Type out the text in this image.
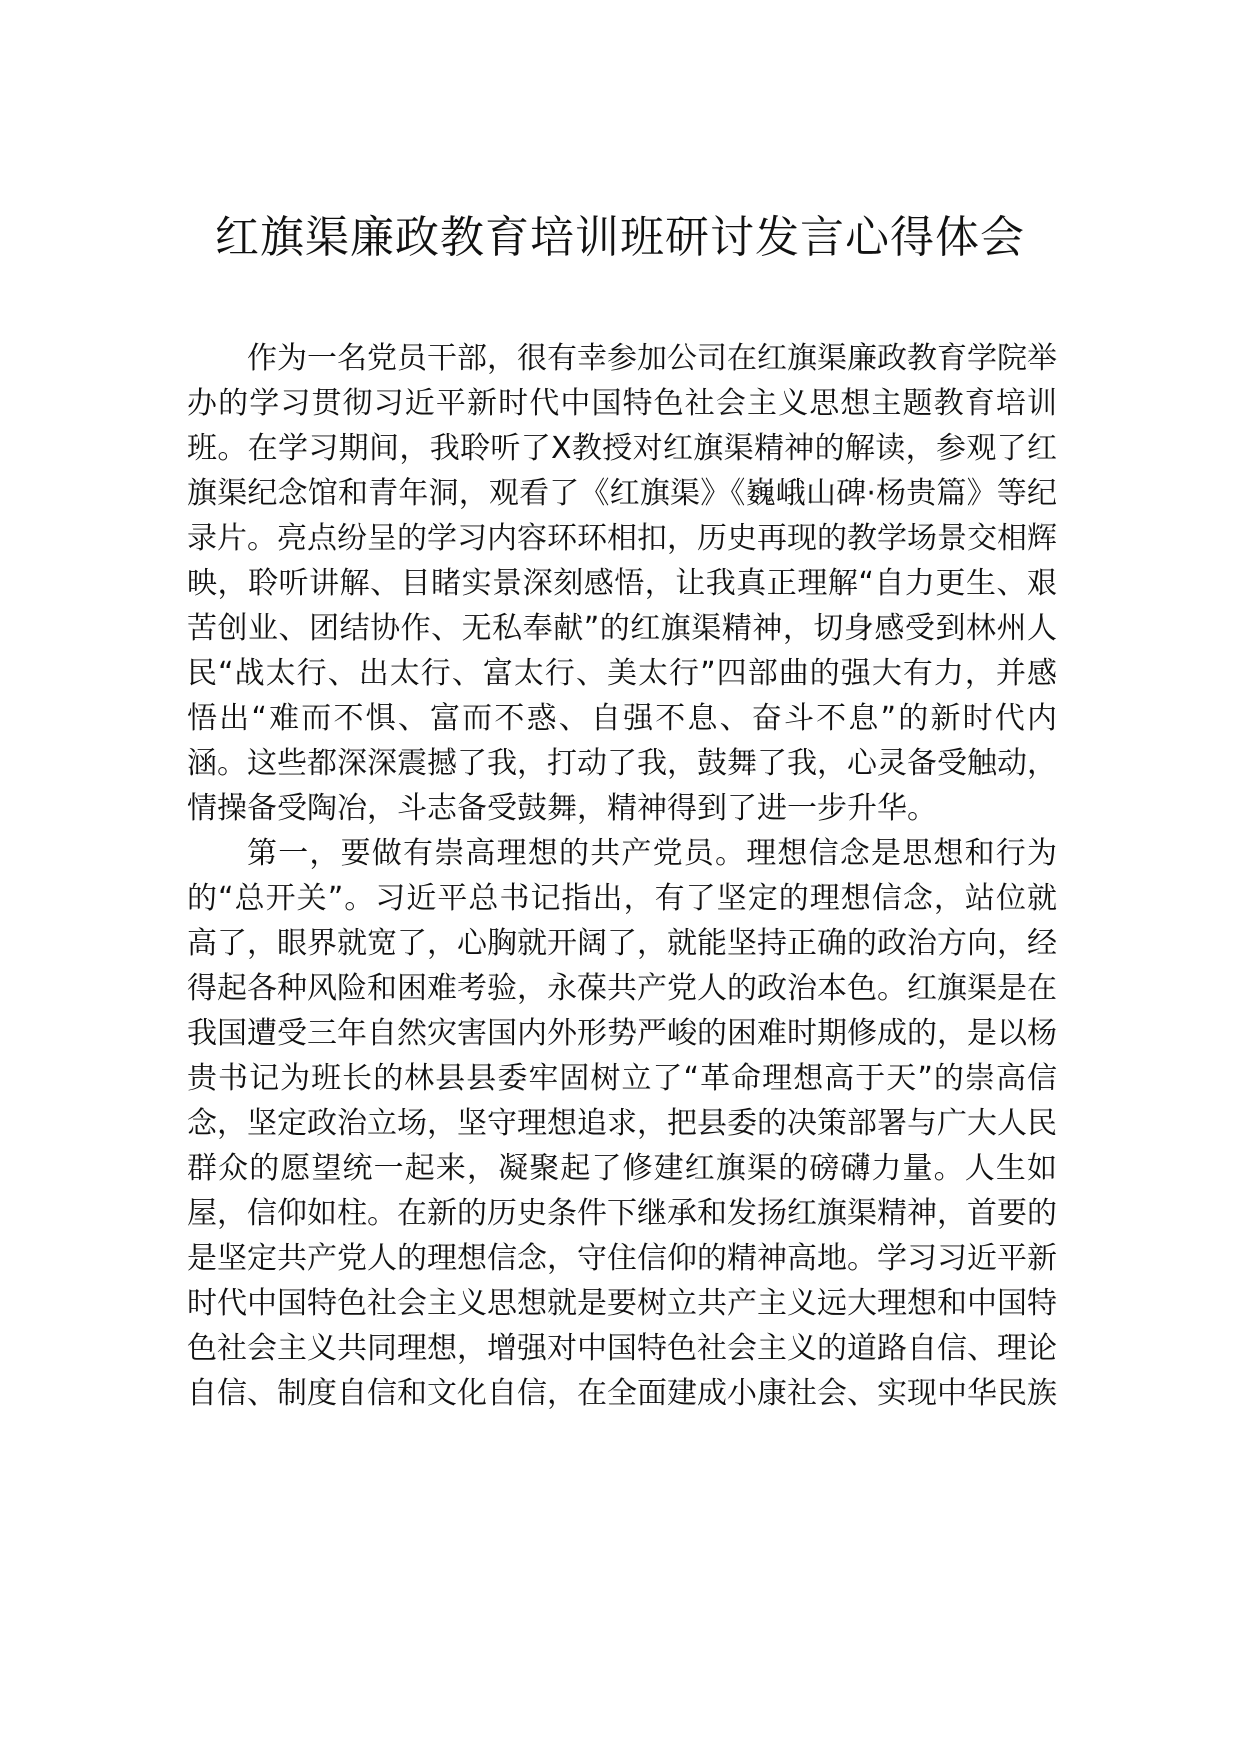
红旗渠廉政教育培训班研讨发言心得体会

作为一名党员干部，很有幸参加公司在红旗渠廉政教育学院举办的学习贯彻习近平新时代中国特色社会主义思想主题教育培训班。在学习期间，我聆听了X教授对红旗渠精神的解读，参观了红旗渠纪念馆和青年洞，观看了《红旗渠》《巍峨山碑·杨贵篇》等纪录片。亮点纷呈的学习内容环环相扣，历史再现的教学场景交相辉映，聆听讲解、目睹实景深刻感悟，让我真正理解“自力更生、艰苦创业、团结协作、无私奉献”的红旗渠精神，切身感受到林州人民“战太行、出太行、富太行、美太行”四部曲的强大有力，并感悟出“难而不惧、富而不惑、自强不息、奋斗不息”的新时代内涵。这些都深深震撼了我，打动了我，鼓舞了我，心灵备受触动，情操备受陶冶，斗志备受鼓舞，精神得到了进一步升华。

第一，要做有崇高理想的共产党员。理想信念是思想和行为的“总开关”。习近平总书记指出，有了坚定的理想信念，站位就高了，眼界就宽了，心胸就开阔了，就能坚持正确的政治方向，经得起各种风险和困难考验，永葆共产党人的政治本色。红旗渠是在我国遭受三年自然灾害国内外形势严峻的困难时期修成的，是以杨贵书记为班长的林县县委牢固树立了“革命理想高于天”的崇高信念，坚定政治立场，坚守理想追求，把县委的决策部署与广大人民群众的愿望统一起来，凝聚起了修建红旗渠的磅礴力量。人生如屋，信仰如柱。在新的历史条件下继承和发扬红旗渠精神，首要的是坚定共产党人的理想信念，守住信仰的精神高地。学习习近平新时代中国特色社会主义思想就是要树立共产主义远大理想和中国特色社会主义共同理想，增强对中国特色社会主义的道路自信、理论自信、制度自信和文化自信，在全面建成小康社会、实现中华民族
